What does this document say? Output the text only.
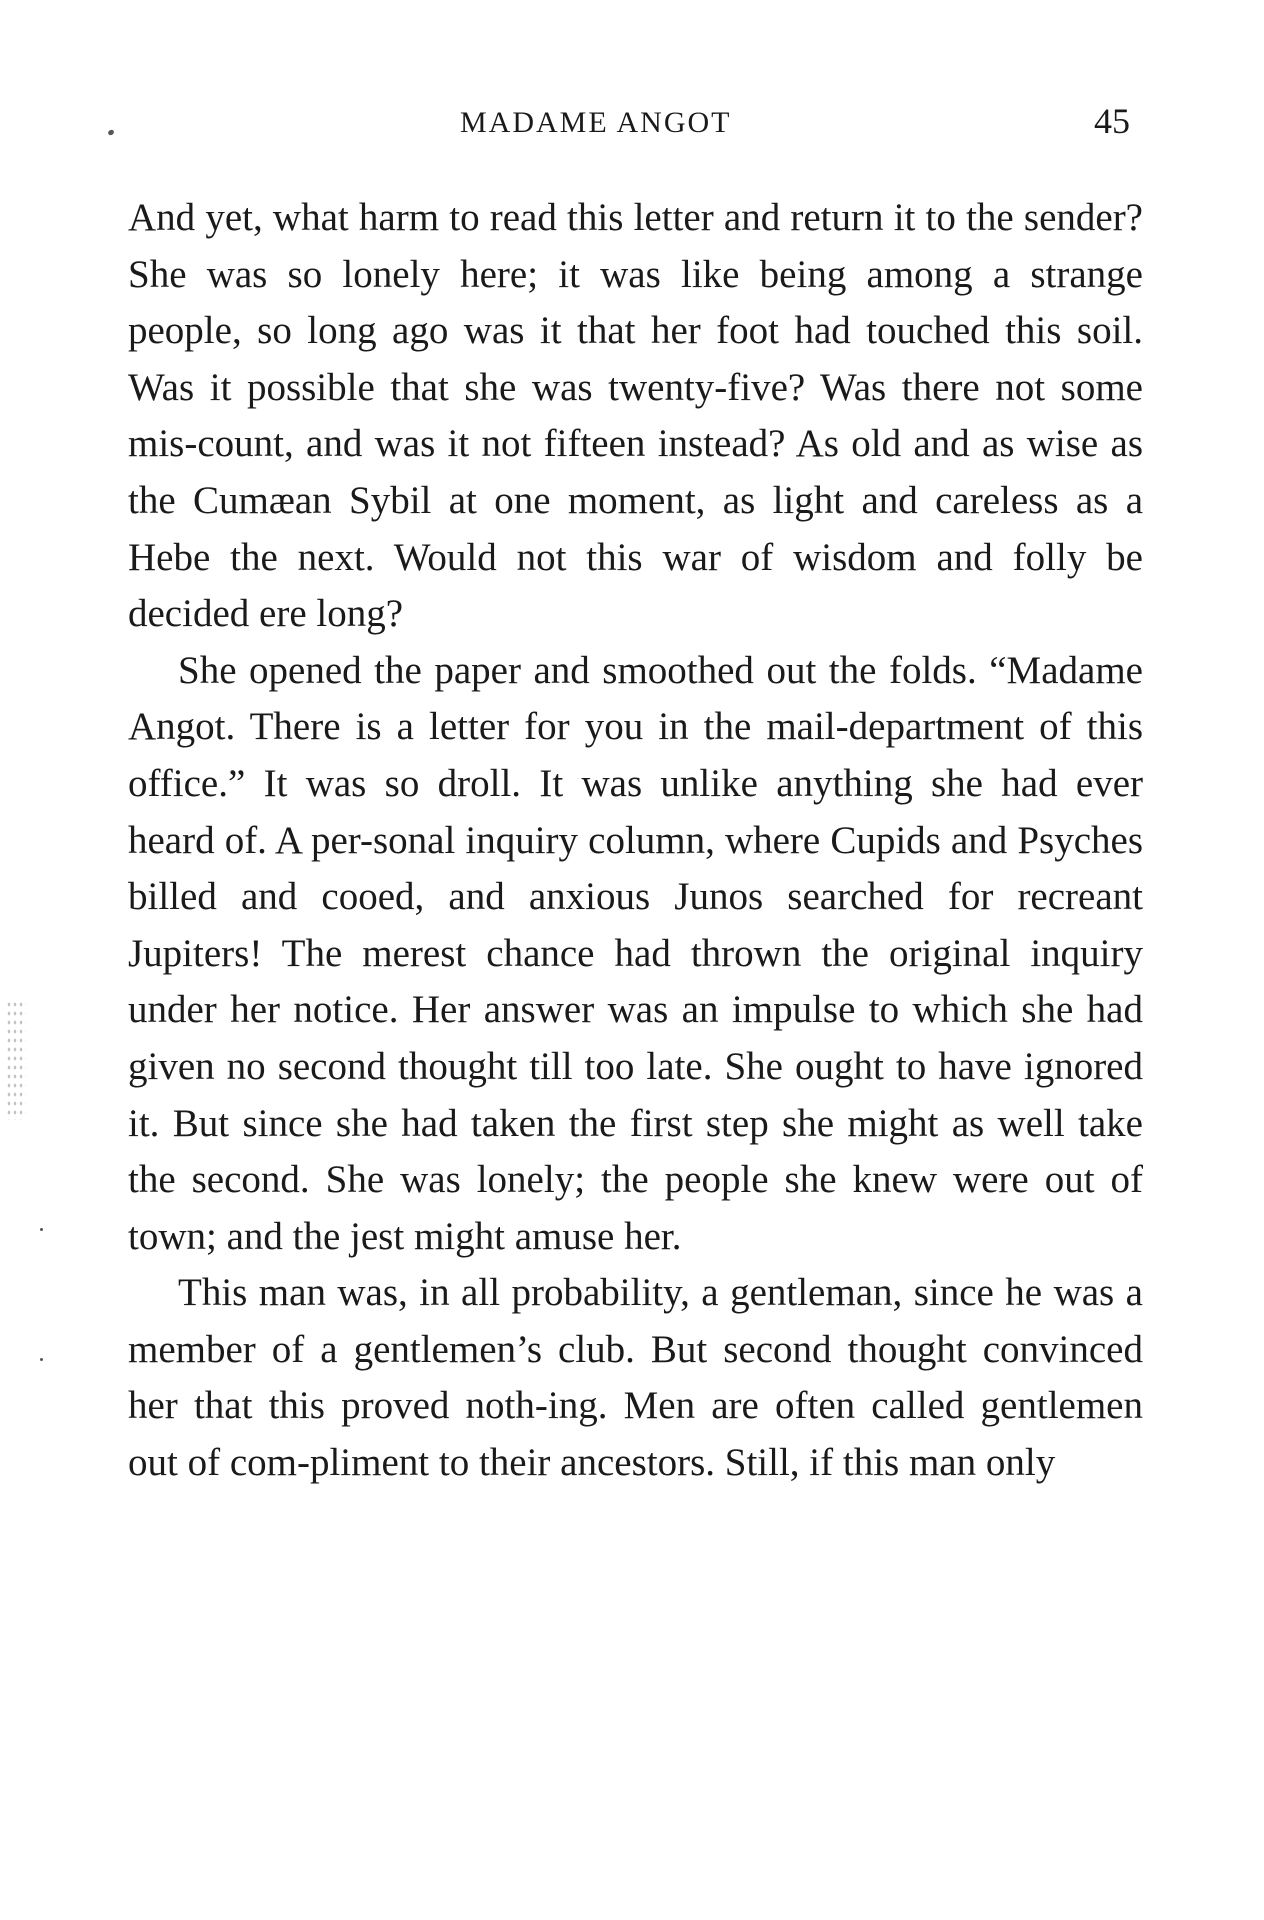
MADAME ANGOT	45

And yet, what harm to read this letter and return it to the sender? She was so lonely here; it was like being among a strange people, so long ago was it that her foot had touched this soil. Was it possible that she was twenty-five? Was there not some mis-count, and was it not fifteen instead? As old and as wise as the Cumæan Sybil at one moment, as light and careless as a Hebe the next. Would not this war of wisdom and folly be decided ere long?

She opened the paper and smoothed out the folds. “Madame Angot. There is a letter for you in the mail-department of this office.” It was so droll. It was unlike anything she had ever heard of. A per-sonal inquiry column, where Cupids and Psyches billed and cooed, and anxious Junos searched for recreant Jupiters! The merest chance had thrown the original inquiry under her notice. Her answer was an impulse to which she had given no second thought till too late. She ought to have ignored it. But since she had taken the first step she might as well take the second. She was lonely; the people she knew were out of town; and the jest might amuse her.

This man was, in all probability, a gentleman, since he was a member of a gentlemen’s club. But second thought convinced her that this proved noth-ing. Men are often called gentlemen out of com-pliment to their ancestors. Still, if this man only
